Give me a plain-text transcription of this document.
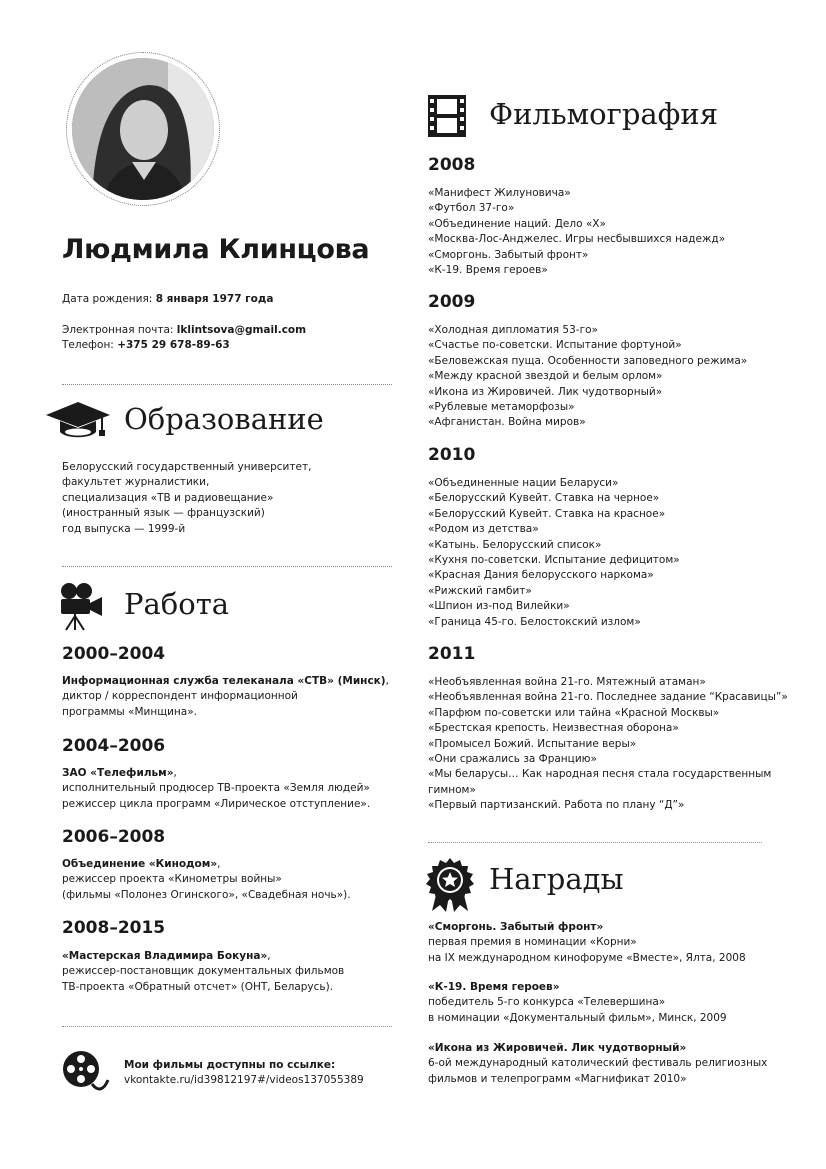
Людмила Клинцова
Дата рождения: 8 января 1977 года
Электронная почта: lklintsova@gmail.com
Телефон: +375 29 678-89-63
Образование
Белорусский государственный университет,
факультет журналистики,
специализация «ТВ и радиовещание»
(иностранный язык — французский)
год выпуска — 1999-й
Работа
2000–2004
Информационная служба телеканала «СТВ» (Минск),
диктор / корреспондент информационной
программы «Минщина».
2004–2006
ЗАО «Телефильм»,
исполнительный продюсер ТВ-проекта «Земля людей»
режиссер цикла программ «Лирическое отступление».
2006–2008
Объединение «Кинодом»,
режиссер проекта «Кинометры войны»
(фильмы «Полонез Огинского», «Свадебная ночь»).
2008–2015
«Мастерская Владимира Бокуна»,
режиссер-постановщик документальных фильмов
ТВ-проекта «Обратный отсчет» (ОНТ, Беларусь).
Мои фильмы доступны по ссылке:
vkontakte.ru/id39812197#/videos137055389
Фильмография
2008
«Манифест Жилуновича»
«Футбол 37-го»
«Объединение наций. Дело «Х»
«Москва-Лос-Анджелес. Игры несбывшихся надежд»
«Сморгонь. Забытый фронт»
«К-19. Время героев»
2009
«Холодная дипломатия 53-го»
«Счастье по-советски. Испытание фортуной»
«Беловежская пуща. Особенности заповедного режима»
«Между красной звездой и белым орлом»
«Икона из Жировичей. Лик чудотворный»
«Рублевые метаморфозы»
«Афганистан. Война миров»
2010
«Объединенные нации Беларуси»
«Белорусский Кувейт. Ставка на черное»
«Белорусский Кувейт. Ставка на красное»
«Родом из детства»
«Катынь. Белорусский список»
«Кухня по-советски. Испытание дефицитом»
«Красная Дания белорусского наркома»
«Рижский гамбит»
«Шпион из-под Вилейки»
«Граница 45-го. Белостокский излом»
2011
«Необъявленная война 21-го. Мятежный атаман»
«Необъявленная война 21-го. Последнее задание “Красавицы”»
«Парфюм по-советски или тайна «Красной Москвы»
«Брестская крепость. Неизвестная оборона»
«Промысел Божий. Испытание веры»
«Они сражались за Францию»
«Мы беларусы… Как народная песня стала государственным
гимном»
«Первый партизанский. Работа по плану “Д”»
Награды
«Сморгонь. Забытый фронт»
первая премия в номинации «Корни»
на IX международном кинофоруме «Вместе», Ялта, 2008
«К-19. Время героев»
победитель 5-го конкурса «Телевершина»
в номинации «Документальный фильм», Минск, 2009
«Икона из Жировичей. Лик чудотворный»
6-ой международный католический фестиваль религиозных
фильмов и телепрограмм «Магнификат 2010»
